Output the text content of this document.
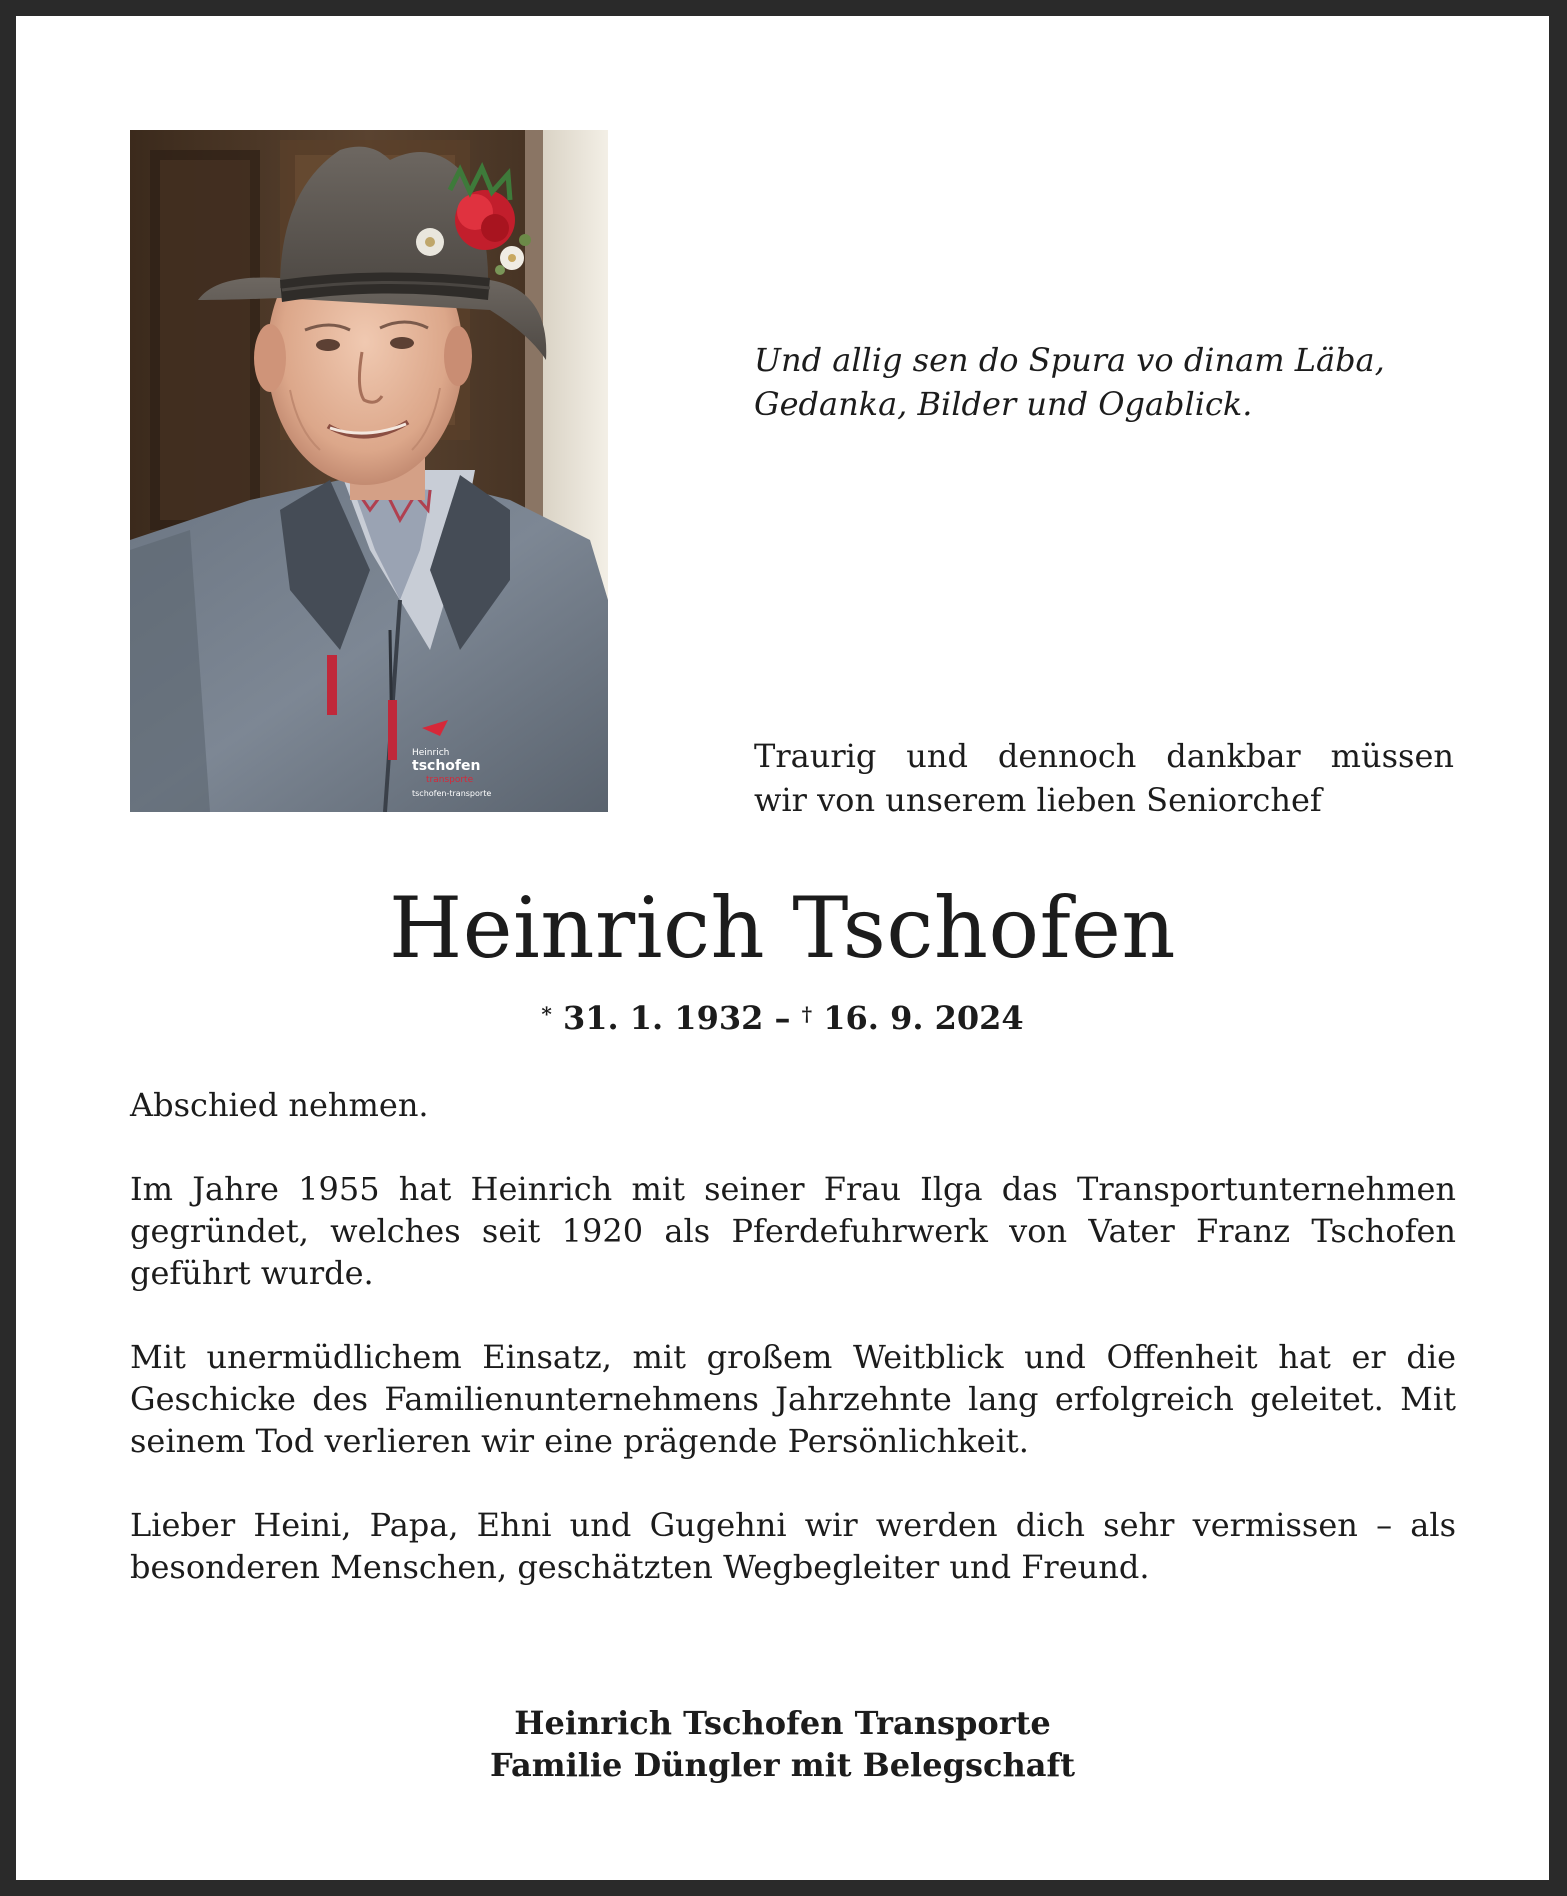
Heinrich
tschofen
transporte
tschofen-transporte
Und allig sen do Spura vo dinam Läba,
Gedanka, Bilder und Ogablick.
Traurig und dennoch dankbar müssen
wir von unserem lieben Seniorchef
Heinrich Tschofen
* 31. 1. 1932 – † 16. 9. 2024

Abschied nehmen.

Im Jahre 1955 hat Heinrich mit seiner Frau Ilga das Transportunternehmen gegründet, welches seit 1920 als Pferdefuhrwerk von Vater Franz Tschofen geführt wurde.

Mit unermüdlichem Einsatz, mit großem Weitblick und Offenheit hat er die Geschicke des Familienunternehmens Jahrzehnte lang erfolgreich geleitet. Mit seinem Tod verlieren wir eine prägende Persönlichkeit.

Lieber Heini, Papa, Ehni und Gugehni wir werden dich sehr vermissen – als besonderen Menschen, geschätzten Wegbegleiter und Freund.

Heinrich Tschofen Transporte
Familie Düngler mit Belegschaft
